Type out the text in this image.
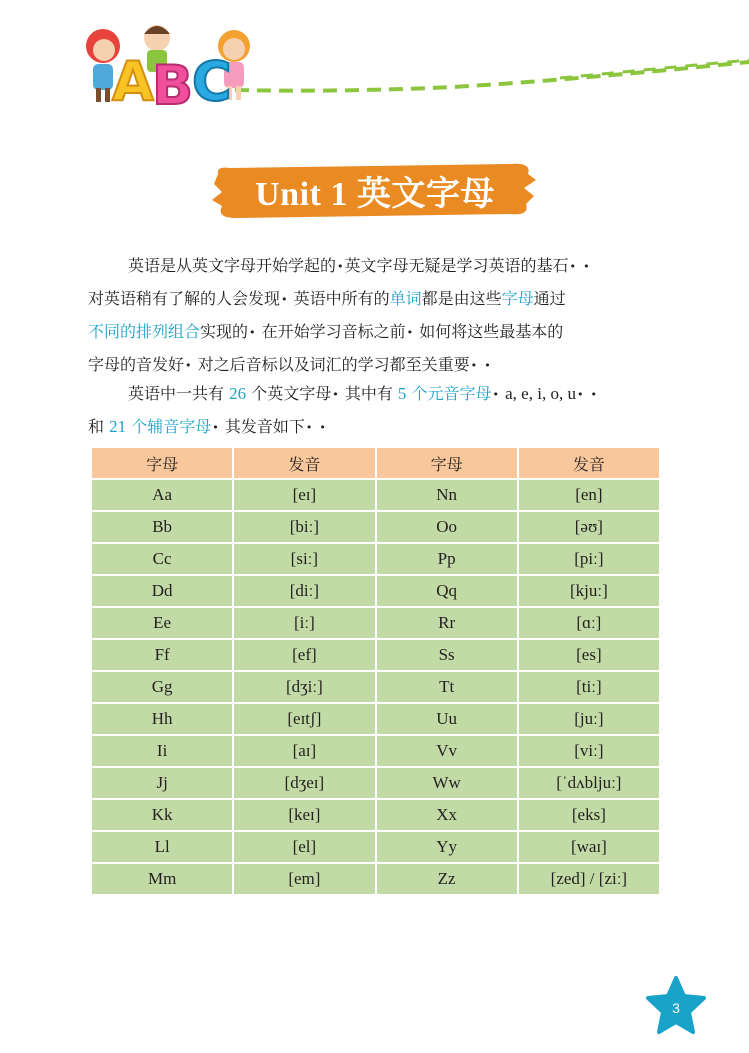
A
B
C
Unit 1 英文字母

英语是从英文字母开始学起的•英文字母无疑是学习英语的基石• •
对英语稍有了解的人会发现• 英语中所有的单词都是由这些字母通过
不同的排列组合实现的• 在开始学习音标之前• 如何将这些最基本的
字母的音发好• 对之后音标以及词汇的学习都至关重要• •

英语中一共有 26 个英文字母• 其中有 5 个元音字母• a, e, i, o, u• •
和 21 个辅音字母• 其发音如下• •

字母	发音	字母	发音
Aa	[eɪ]	Nn	[en]
Bb	[biː]	Oo	[əʊ]
Cc	[siː]	Pp	[piː]
Dd	[diː]	Qq	[kjuː]
Ee	[iː]	Rr	[ɑː]
Ff	[ef]	Ss	[es]
Gg	[dʒiː]	Tt	[tiː]
Hh	[eɪtʃ]	Uu	[juː]
Ii	[aɪ]	Vv	[viː]
Jj	[dʒeɪ]	Ww	[ˈdʌbljuː]
Kk	[keɪ]	Xx	[eks]
Ll	[el]	Yy	[waɪ]
Mm	[em]	Zz	[zed] / [ziː]
3
